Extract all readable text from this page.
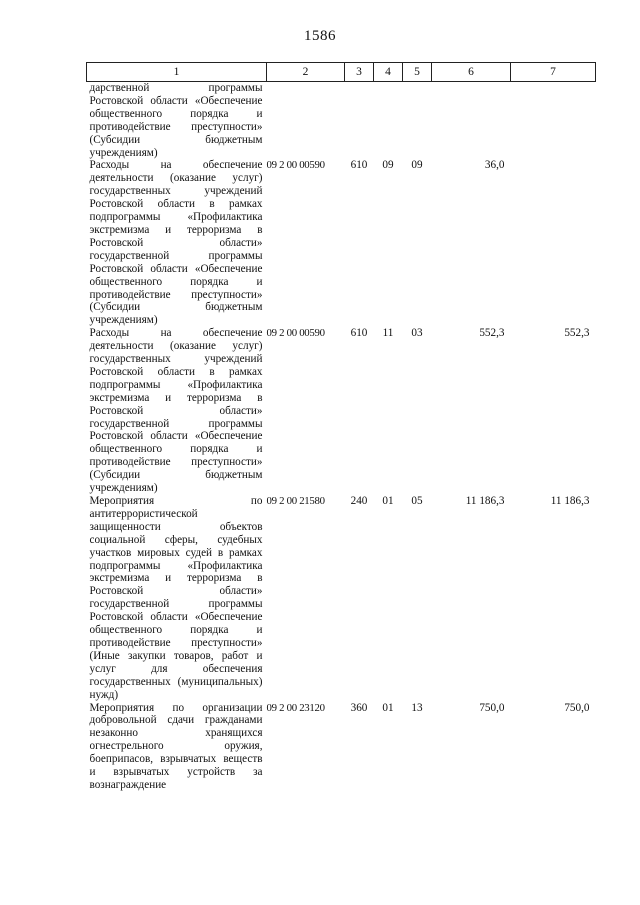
1586
1	2	3	4	5	6	7
дарственной программы Ростовской области «Обеспечение общественного порядка и противодействие преступности» (Субсидии бюджетным учреждениям)						
Расходы на обеспечение деятельности (оказание услуг) государственных учреждений Ростовской области в рамках подпрограммы «Профилактика экстремизма и терроризма в Ростовской области» государственной программы Ростовской области «Обеспечение общественного порядка и противодействие преступности» (Субсидии бюджетным учреждениям)	09 2 00 00590	610	09	09	36,0	
Расходы на обеспечение деятельности (оказание услуг) государственных учреждений Ростовской области в рамках подпрограммы «Профилактика экстремизма и терроризма в Ростовской области» государственной программы Ростовской области «Обеспечение общественного порядка и противодействие преступности» (Субсидии бюджетным учреждениям)	09 2 00 00590	610	11	03	552,3	552,3
Мероприятия по антитеррористической защищенности объектов социальной сферы, судебных участков мировых судей в рамках подпрограммы «Профилактика экстремизма и терроризма в Ростовской области» государственной программы Ростовской области «Обеспечение общественного порядка и противодействие преступности» (Иные закупки товаров, работ и услуг для обеспечения государственных (муниципальных) нужд)	09 2 00 21580	240	01	05	11 186,3	11 186,3
Мероприятия по организации добровольной сдачи гражданами незаконно хранящихся огнестрельного оружия, боеприпасов, взрывчатых веществ и взрывчатых устройств за вознаграждение	09 2 00 23120	360	01	13	750,0	750,0
